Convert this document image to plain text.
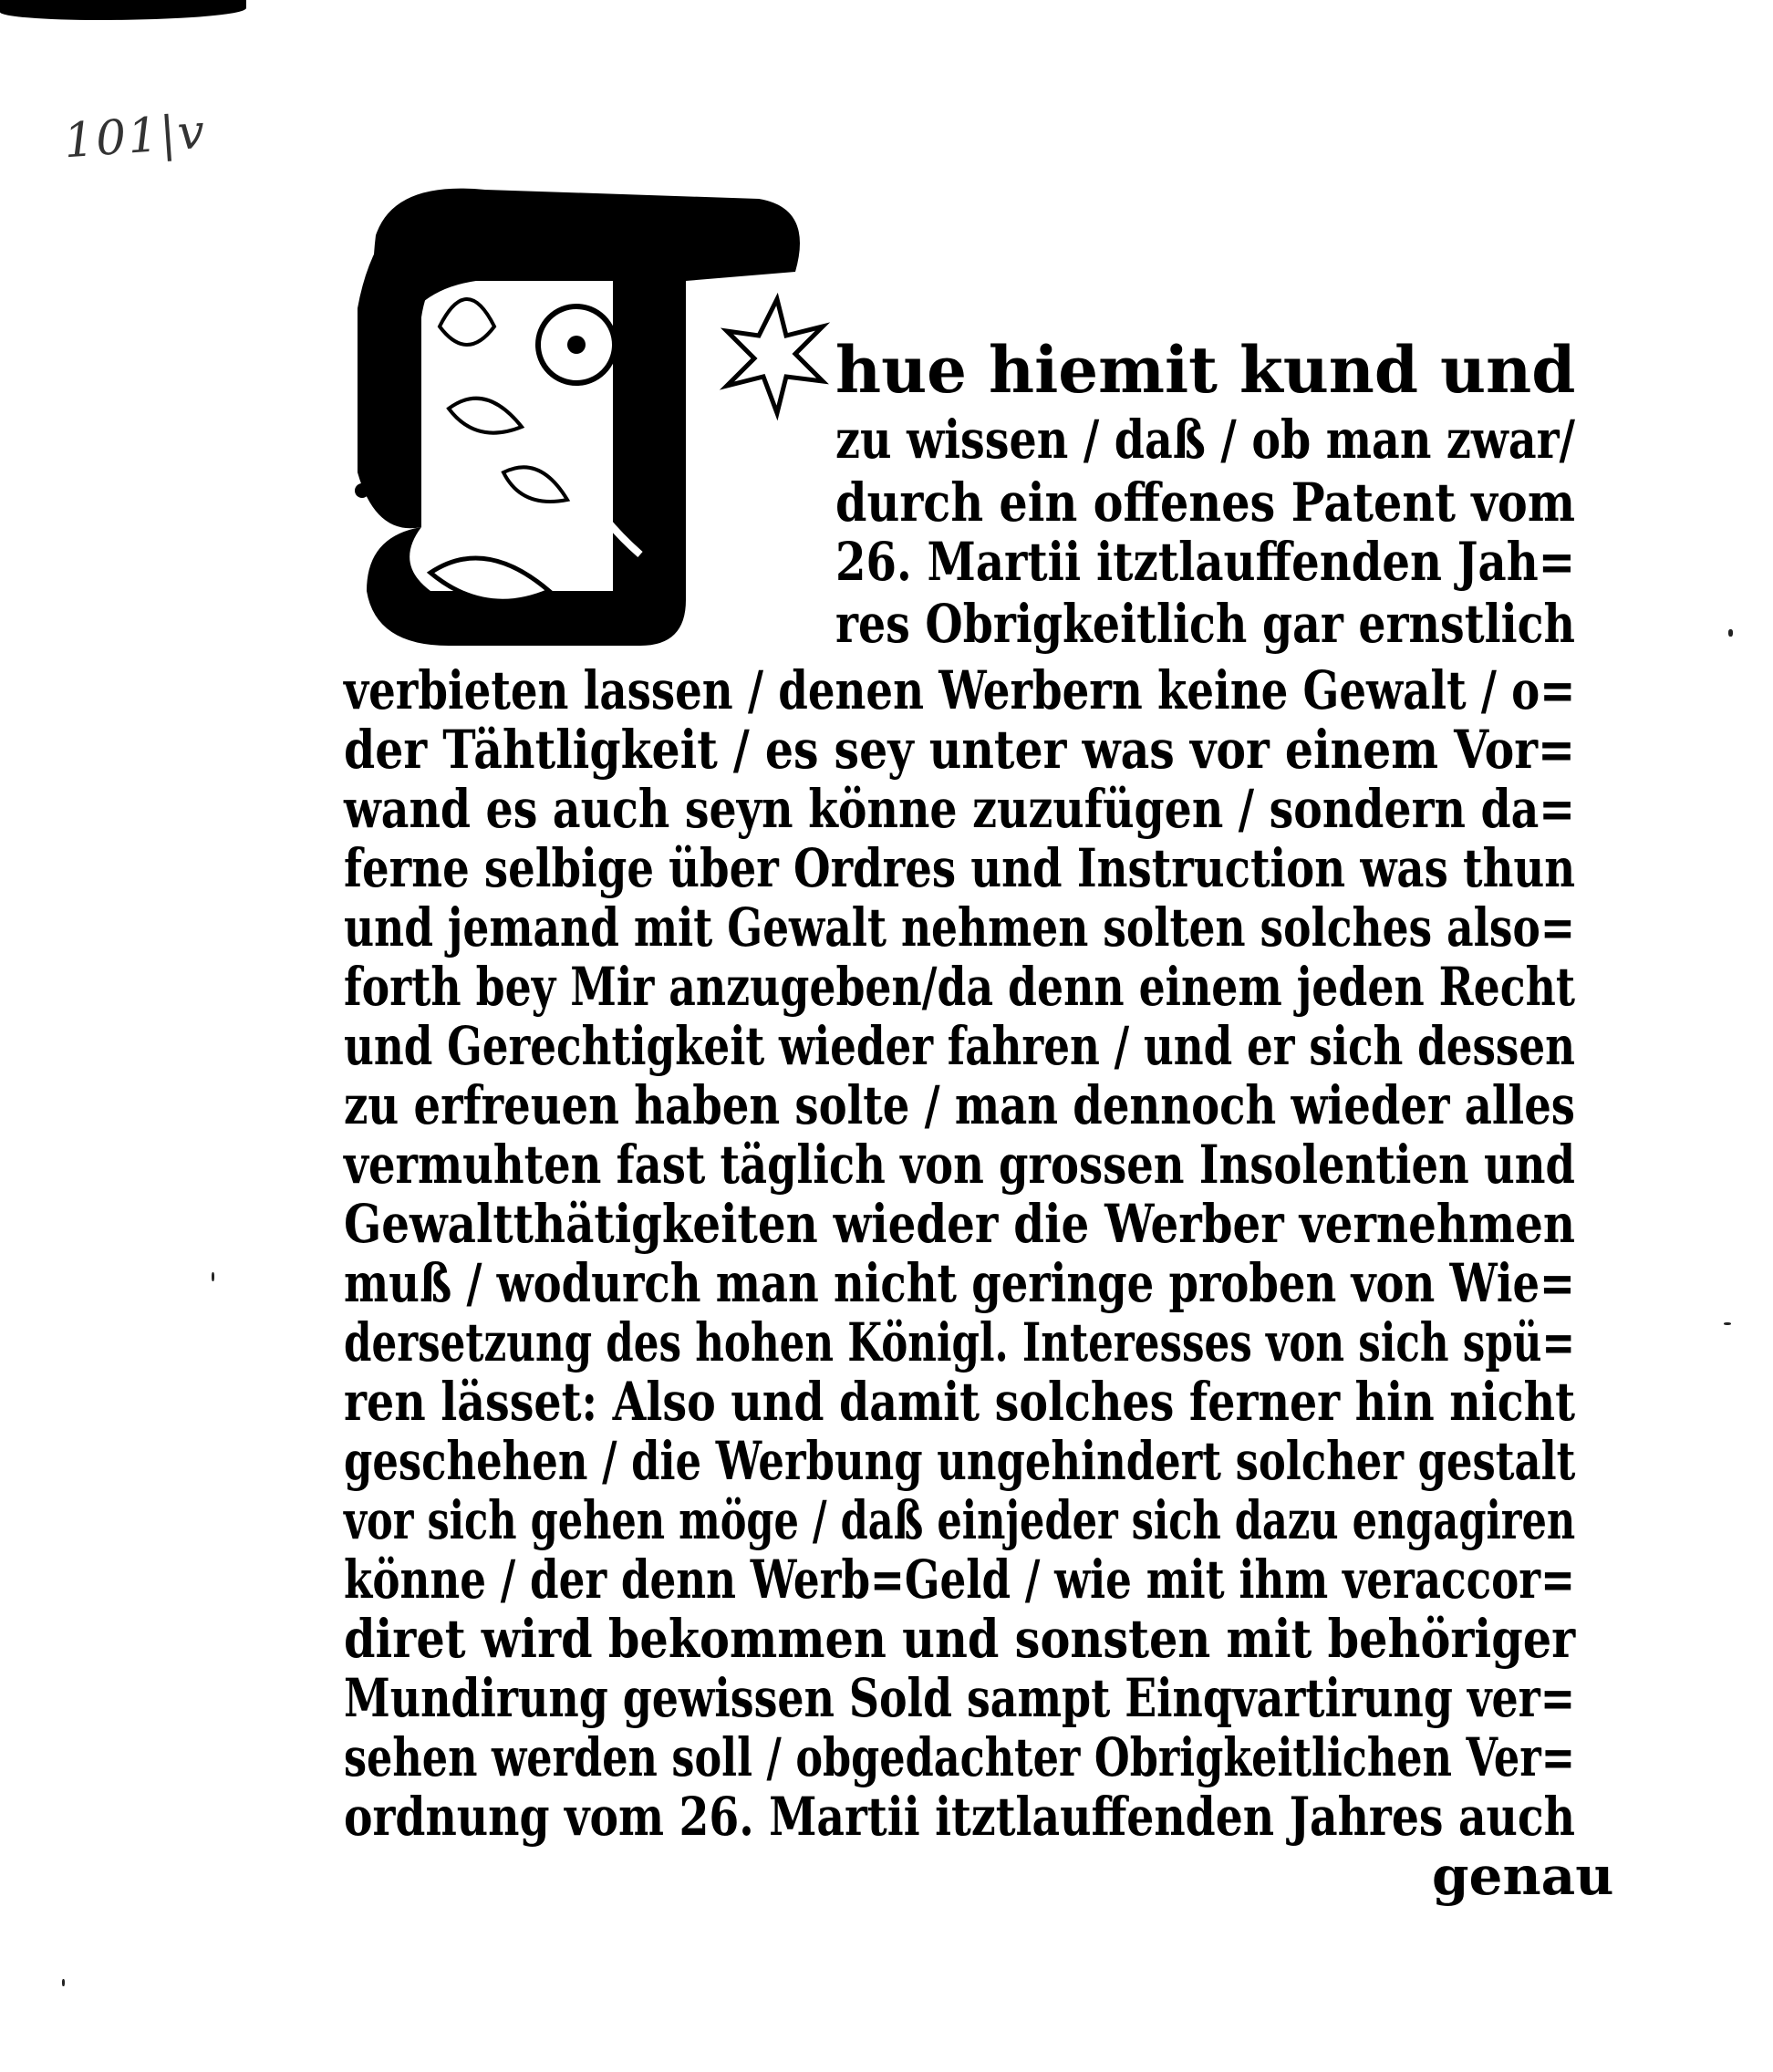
101|v
hue hiemit kund und
zu wissen / daß / ob man zwar/
durch ein offenes Patent vom
26. Martii itztlauffenden Jah=
res Obrigkeitlich gar ernstlich
verbieten lassen / denen Werbern keine Gewalt / o=
der Tähtligkeit / es sey unter was vor einem Vor=
wand es auch seyn könne zuzufügen / sondern da=
ferne selbige über Ordres und Instruction was thun
und jemand mit Gewalt nehmen solten solches also=
forth bey Mir anzugeben/da denn einem jeden Recht
und Gerechtigkeit wieder fahren / und er sich dessen
zu erfreuen haben solte / man dennoch wieder alles
vermuhten fast täglich von grossen Insolentien und
Gewaltthätigkeiten wieder die Werber vernehmen
muß / wodurch man nicht geringe proben von Wie=
dersetzung des hohen Königl. Interesses von sich spü=
ren lässet: Also und damit solches ferner hin nicht
geschehen / die Werbung ungehindert solcher gestalt
vor sich gehen möge / daß einjeder sich dazu engagiren
könne / der denn Werb=Geld / wie mit ihm veraccor=
diret wird bekommen und sonsten mit behöriger
Mundirung gewissen Sold sampt Einqvartirung ver=
sehen werden soll / obgedachter Obrigkeitlichen Ver=
ordnung vom 26. Martii itztlauffenden Jahres auch
genau
